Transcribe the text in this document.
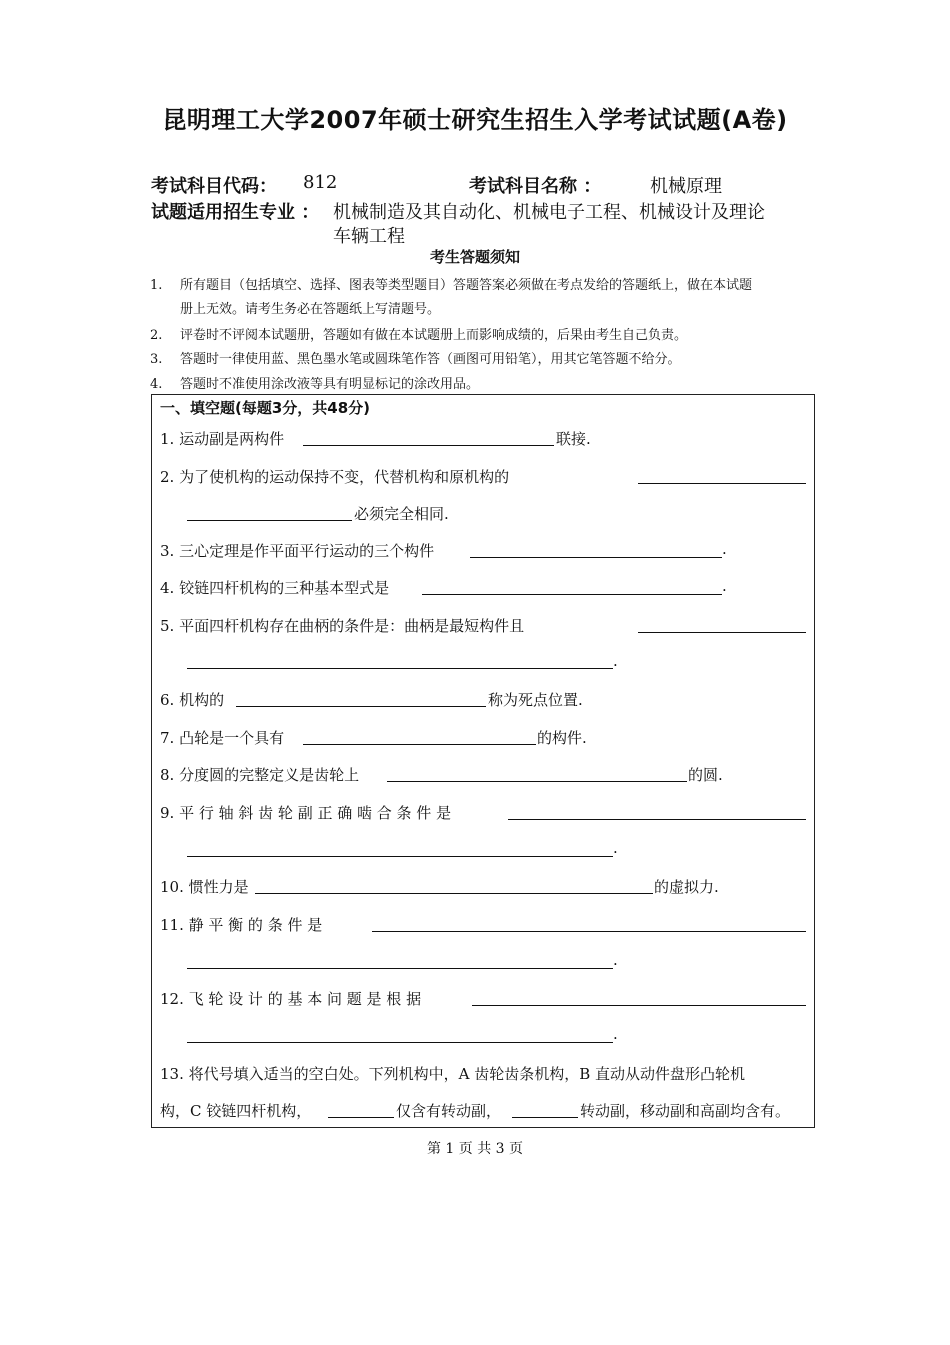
昆明理工大学2007年硕士研究生招生入学考试试题(A卷)
考试科目代码： 812	考试科目名称 ：	机械原理
试题适用招生专业 ： 机械制造及其自动化、机械电子工程、机械设计及理论
车辆工程
考生答题须知
1. 所有题目（包括填空、选择、图表等类型题目）答题答案必须做在考点发给的答题纸上，做在本试题
册上无效。请考生务必在答题纸上写清题号。
2. 评卷时不评阅本试题册，答题如有做在本试题册上而影响成绩的，后果由考生自己负责。
3. 答题时一律使用蓝、黑色墨水笔或圆珠笔作答（画图可用铅笔），用其它笔答题不给分。
4. 答题时不准使用涂改液等具有明显标记的涂改用品。
一、填空题(每题3分，共48分)
1. 运动副是两构件	联接.
2. 为了使机构的运动保持不变，代替机构和原机构的
必须完全相同.
3. 三心定理是作平面平行运动的三个构件	.
4. 铰链四杆机构的三种基本型式是	.
5. 平面四杆机构存在曲柄的条件是：曲柄是最短构件且
.
6. 机构的	称为死点位置.
7. 凸轮是一个具有	的构件.
8. 分度圆的完整定义是齿轮上	的圆.
9. 平 行 轴 斜 齿 轮 副 正 确 啮 合 条 件 是
.
10. 惯性力是	的虚拟力.
11. 静 平 衡 的 条 件 是
.
12. 飞 轮 设 计 的 基 本 问 题 是 根 据
.
13. 将代号填入适当的空白处。下列机构中，A 齿轮齿条机构，B 直动从动件盘形凸轮机
构，C 铰链四杆机构，	仅含有转动副，	转动副，移动副和高副均含有。
第 1 页 共 3 页
